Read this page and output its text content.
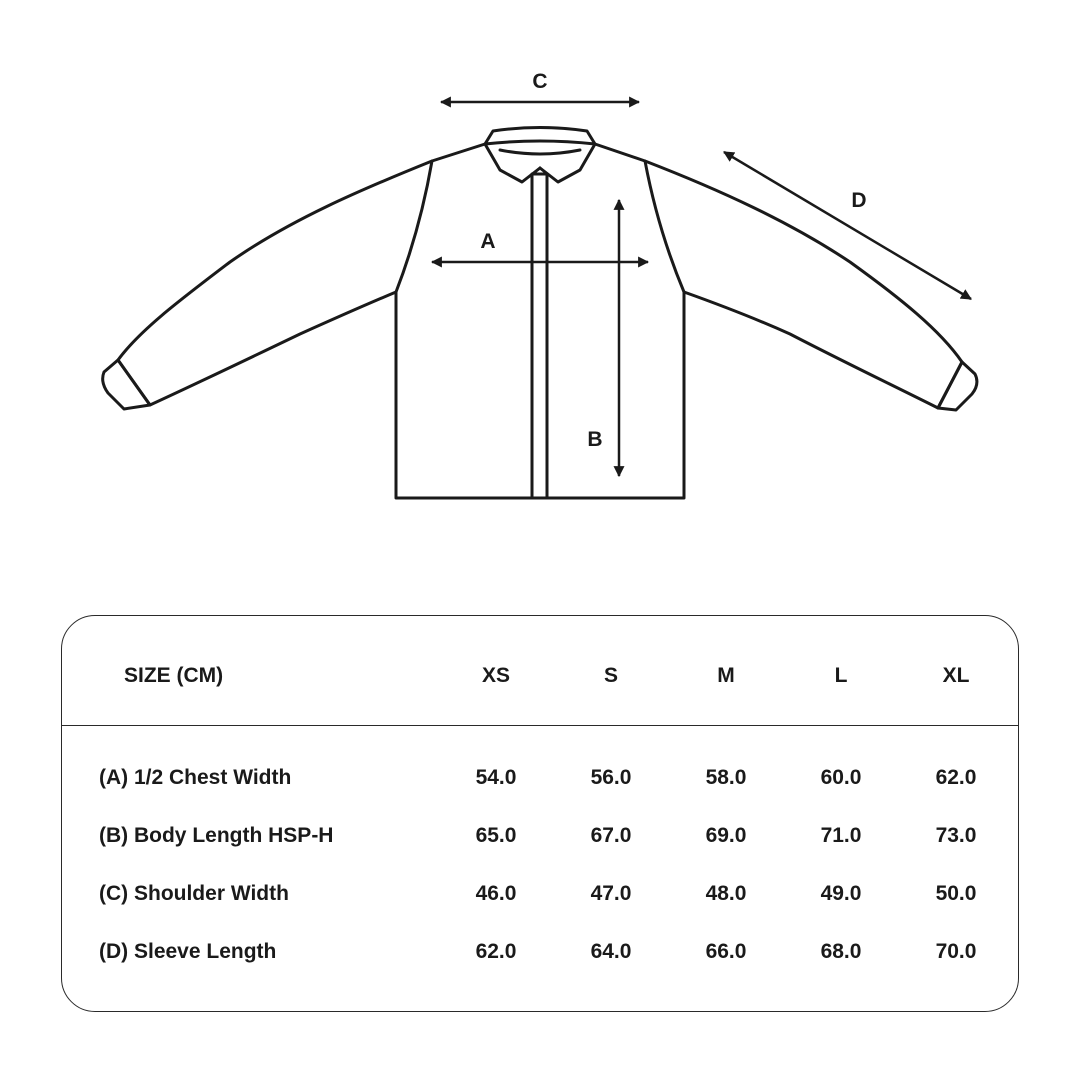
C
A
B
D
SIZE (CM)	XS	S	M	L	XL
(A) 1/2 Chest Width	54.0	56.0	58.0	60.0	62.0
(B) Body Length HSP-H	65.0	67.0	69.0	71.0	73.0
(C) Shoulder Width	46.0	47.0	48.0	49.0	50.0
(D) Sleeve Length	62.0	64.0	66.0	68.0	70.0
